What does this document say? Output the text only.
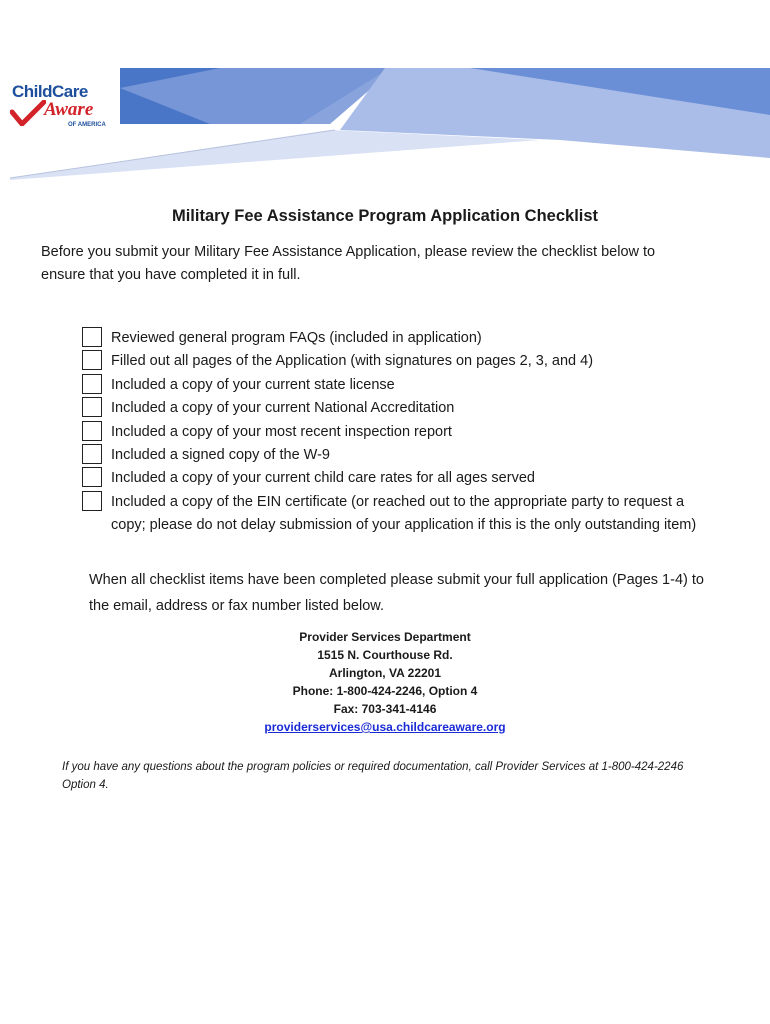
ChildCare
Aware
OF AMERICA
Military Fee Assistance Program Application Checklist
Before you submit your Military Fee Assistance Application, please review the checklist below to ensure that you have completed it in full.
Reviewed general program FAQs (included in application)
Filled out all pages of the Application (with signatures on pages 2, 3, and 4)
Included a copy of your current state license
Included a copy of your current National Accreditation
Included a copy of your most recent inspection report
Included a signed copy of the W-9
Included a copy of your current child care rates for all ages served
Included a copy of the EIN certificate (or reached out to the appropriate party to request a copy; please do not delay submission of your application if this is the only outstanding item)
When all checklist items have been completed please submit your full application (Pages 1-4) to the email, address or fax number listed below.
Provider Services Department
1515 N. Courthouse Rd.
Arlington, VA 22201
Phone: 1-800-424-2246, Option 4
Fax: 703-341-4146
providerservices@usa.childcareaware.org
If you have any questions about the program policies or required documentation, call Provider Services at 1-800-424-2246 Option 4.
